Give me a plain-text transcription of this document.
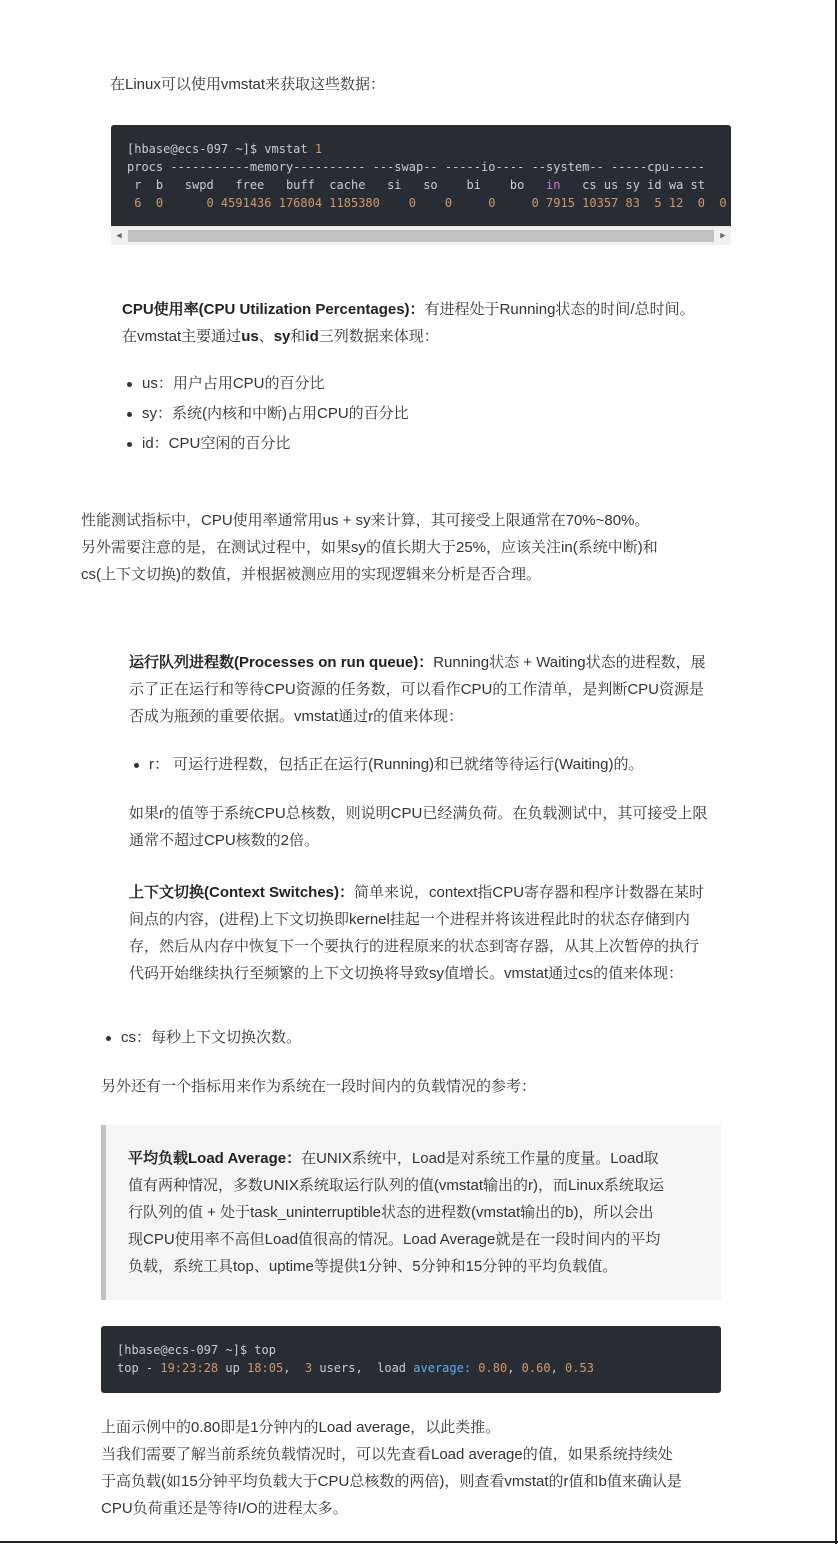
在Linux可以使用vmstat来获取这些数据：

[hbase@ecs-097 ~]$ vmstat 1
procs -----------memory---------- ---swap-- -----io---- --system-- -----cpu-----
r  b   swpd   free   buff  cache   si   so    bi    bo   in   cs us sy id wa st
6  0      0 4591436 176804 1185380    0    0     0     0 7915 10357 83  5 12  0  0
◀	▶

CPU使用率(CPU Utilization Percentages)：有进程处于Running状态的时间/总时间。

在vmstat主要通过us、sy和id三列数据来体现：

us：用户占用CPU的百分比
sy：系统(内核和中断)占用CPU的百分比
id：CPU空闲的百分比

性能测试指标中，CPU使用率通常用us + sy来计算，其可接受上限通常在70%~80%。

另外需要注意的是，在测试过程中，如果sy的值长期大于25%，应该关注in(系统中断)和

cs(上下文切换)的数值，并根据被测应用的实现逻辑来分析是否合理。

运行队列进程数(Processes on run queue)：Running状态 + Waiting状态的进程数，展

示了正在运行和等待CPU资源的任务数，可以看作CPU的工作清单，是判断CPU资源是

否成为瓶颈的重要依据。vmstat通过r的值来体现：

r： 可运行进程数，包括正在运行(Running)和已就绪等待运行(Waiting)的。

如果r的值等于系统CPU总核数，则说明CPU已经满负荷。在负载测试中，其可接受上限

通常不超过CPU核数的2倍。

上下文切换(Context Switches)：简单来说，context指CPU寄存器和程序计数器在某时

间点的内容，(进程)上下文切换即kernel挂起一个进程并将该进程此时的状态存储到内

存，然后从内存中恢复下一个要执行的进程原来的状态到寄存器，从其上次暂停的执行

代码开始继续执行至频繁的上下文切换将导致sy值增长。vmstat通过cs的值来体现：

cs：每秒上下文切换次数。

另外还有一个指标用来作为系统在一段时间内的负载情况的参考：

平均负载Load Average：在UNIX系统中，Load是对系统工作量的度量。Load取

值有两种情况，多数UNIX系统取运行队列的值(vmstat输出的r)，而Linux系统取运

行队列的值 + 处于task_uninterruptible状态的进程数(vmstat输出的b)，所以会出

现CPU使用率不高但Load值很高的情况。Load Average就是在一段时间内的平均

负载，系统工具top、uptime等提供1分钟、5分钟和15分钟的平均负载值。

[hbase@ecs-097 ~]$ top
top - 19:23:28 up 18:05,  3 users,  load average: 0.80, 0.60, 0.53

上面示例中的0.80即是1分钟内的Load average，以此类推。

当我们需要了解当前系统负载情况时，可以先查看Load average的值，如果系统持续处

于高负载(如15分钟平均负载大于CPU总核数的两倍)，则查看vmstat的r值和b值来确认是

CPU负荷重还是等待I/O的进程太多。
